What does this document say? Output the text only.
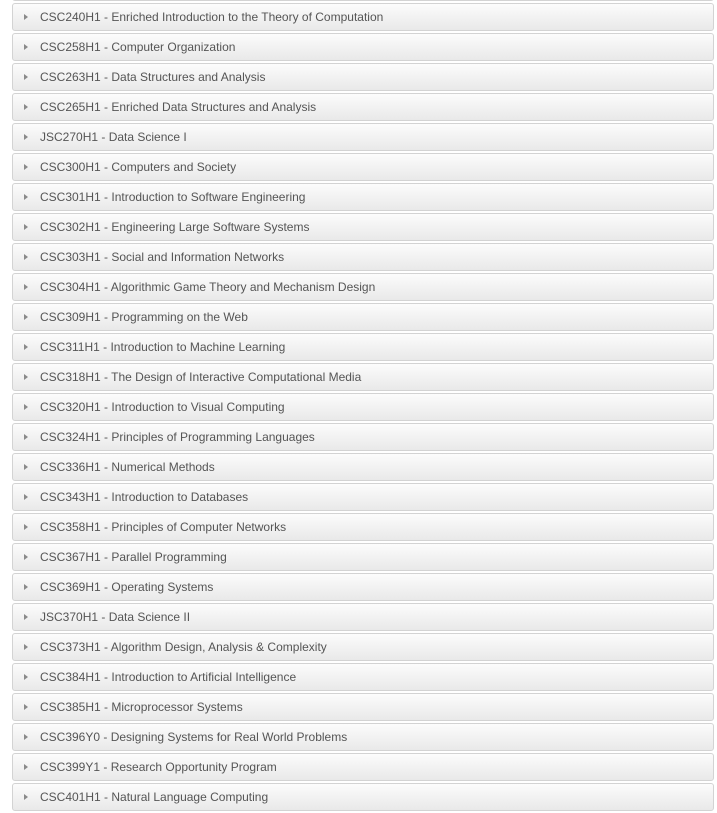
CSC240H1 - Enriched Introduction to the Theory of Computation
CSC258H1 - Computer Organization
CSC263H1 - Data Structures and Analysis
CSC265H1 - Enriched Data Structures and Analysis
JSC270H1 - Data Science I
CSC300H1 - Computers and Society
CSC301H1 - Introduction to Software Engineering
CSC302H1 - Engineering Large Software Systems
CSC303H1 - Social and Information Networks
CSC304H1 - Algorithmic Game Theory and Mechanism Design
CSC309H1 - Programming on the Web
CSC311H1 - Introduction to Machine Learning
CSC318H1 - The Design of Interactive Computational Media
CSC320H1 - Introduction to Visual Computing
CSC324H1 - Principles of Programming Languages
CSC336H1 - Numerical Methods
CSC343H1 - Introduction to Databases
CSC358H1 - Principles of Computer Networks
CSC367H1 - Parallel Programming
CSC369H1 - Operating Systems
JSC370H1 - Data Science II
CSC373H1 - Algorithm Design, Analysis & Complexity
CSC384H1 - Introduction to Artificial Intelligence
CSC385H1 - Microprocessor Systems
CSC396Y0 - Designing Systems for Real World Problems
CSC399Y1 - Research Opportunity Program
CSC401H1 - Natural Language Computing
